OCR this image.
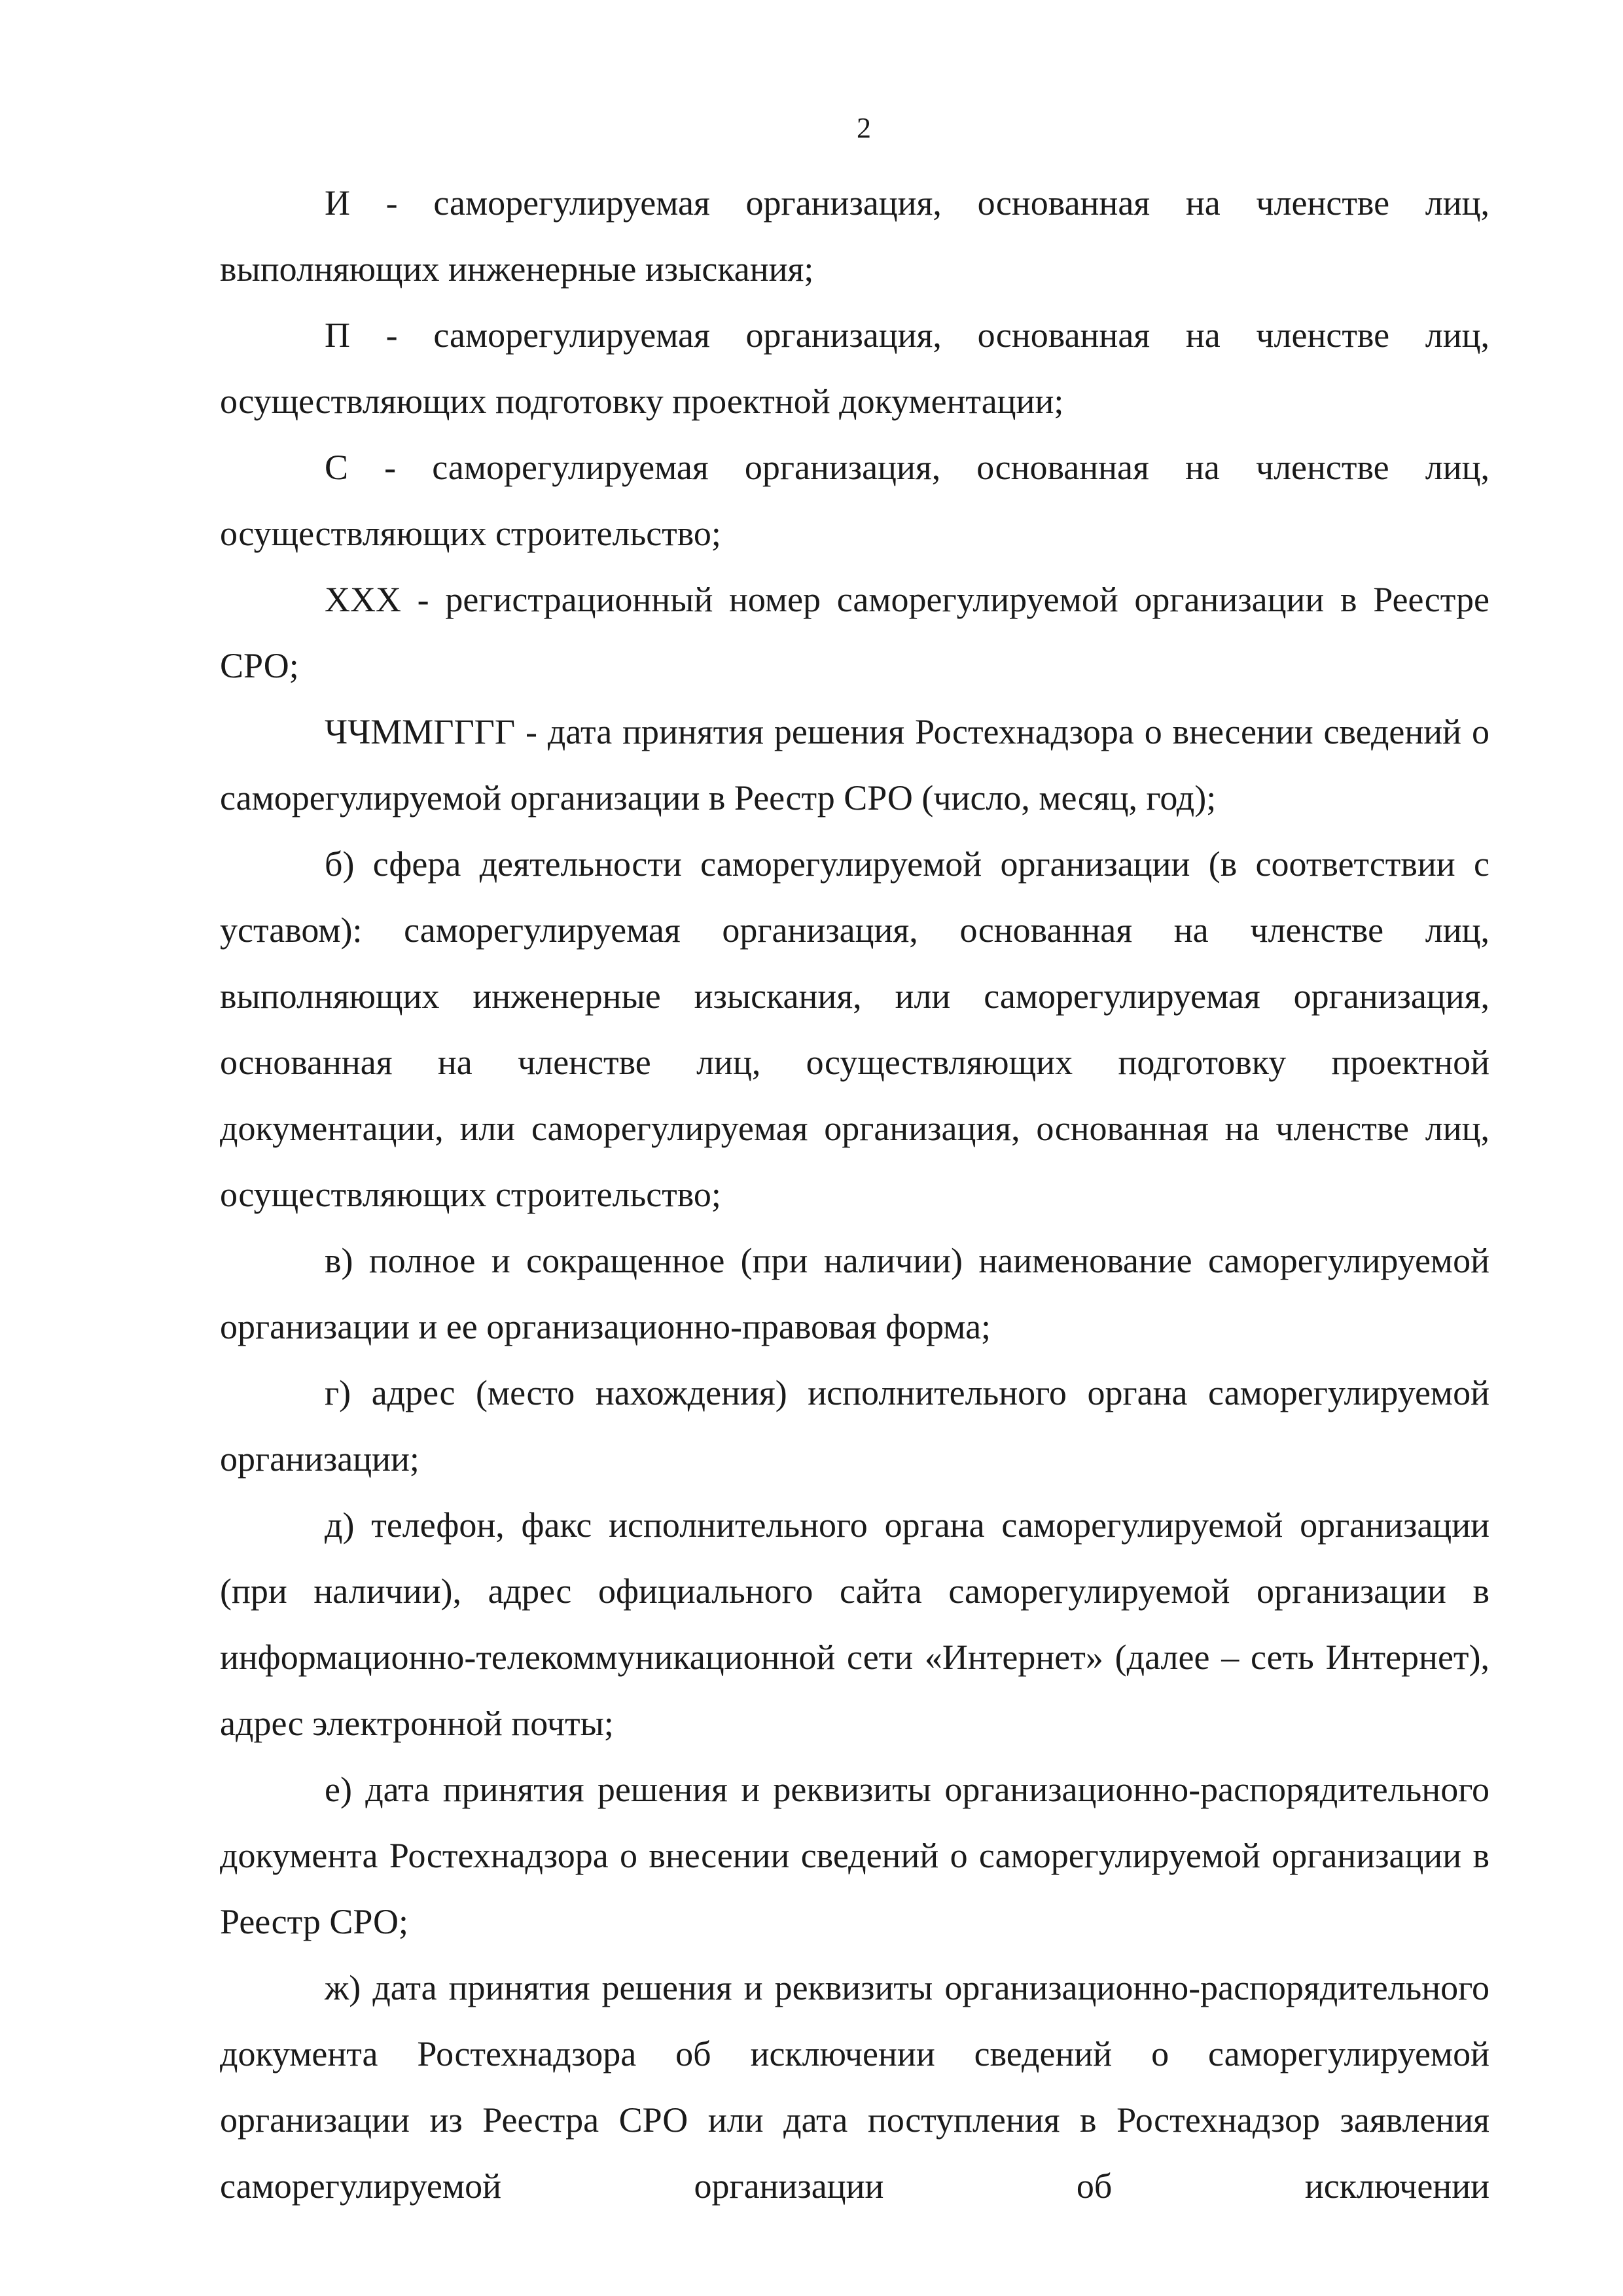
2

И - саморегулируемая организация, основанная на членстве лиц, выполняющих инженерные изыскания;

П - саморегулируемая организация, основанная на членстве лиц, осуществляющих подготовку проектной документации;

С - саморегулируемая организация, основанная на членстве лиц, осуществляющих строительство;

ХХХ - регистрационный номер саморегулируемой организации в Реестре СРО;

ЧЧММГГГГ - дата принятия решения Ростехнадзора о внесении сведений о саморегулируемой организации в Реестр СРО (число, месяц, год);

б) сфера деятельности саморегулируемой организации (в соответствии с уставом): саморегулируемая организация, основанная на членстве лиц, выполняющих инженерные изыскания, или саморегулируемая организация, основанная на членстве лиц, осуществляющих подготовку проектной документации, или саморегулируемая организация, основанная на членстве лиц, осуществляющих строительство;

в) полное и сокращенное (при наличии) наименование саморегулируемой организации и ее организационно-правовая форма;

г) адрес (место нахождения) исполнительного органа саморегулируемой организации;

д) телефон, факс исполнительного органа саморегулируемой организации (при наличии), адрес официального сайта саморегулируемой организации в информационно-телекоммуникационной сети «Интернет» (далее – сеть Интернет), адрес электронной почты;

е) дата принятия решения и реквизиты организационно-распорядительного документа Ростехнадзора о внесении сведений о саморегулируемой организации в Реестр СРО;

ж) дата принятия решения и реквизиты организационно-распорядительного документа Ростехнадзора об исключении сведений о саморегулируемой организации из Реестра СРО или дата поступления в Ростехнадзор заявления саморегулируемой организации об исключении
